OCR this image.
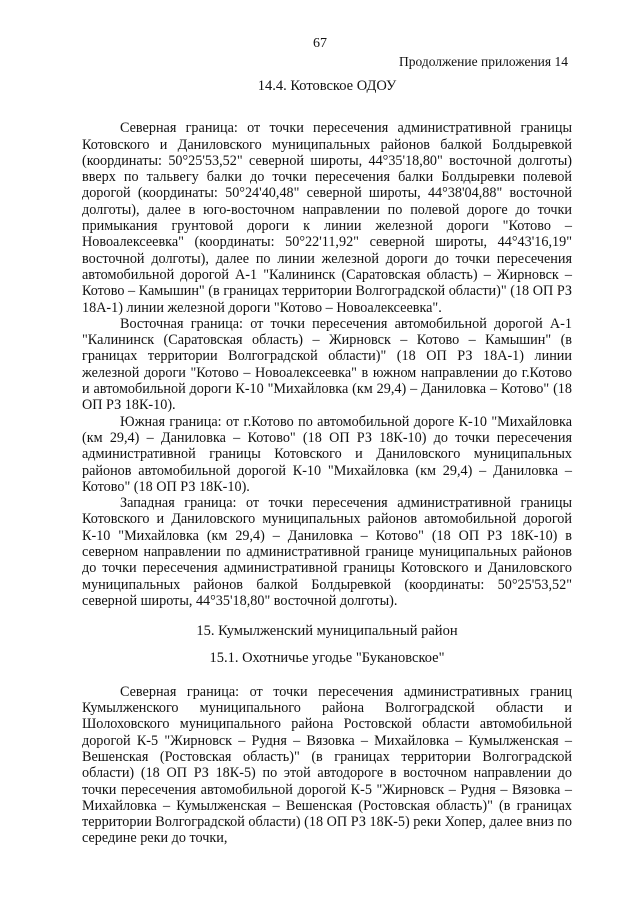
67
Продолжение приложения 14
14.4. Котовское ОДОУ

Северная граница: от точки пересечения административной границы Котовского и Даниловского муниципальных районов балкой Болдыревкой (координаты: 50°25'53,52" северной широты, 44°35'18,80" восточной долготы) вверх по тальвегу балки до точки пересечения балки Болдыревки полевой дорогой (координаты: 50°24'40,48" северной широты, 44°38'04,88" восточной долготы), далее в юго-восточном направлении по полевой дороге до точки примыкания грунтовой дороги к линии железной дороги "Котово – Новоалексеевка" (координаты: 50°22'11,92" северной широты, 44°43'16,19" восточной долготы), далее по линии железной дороги до точки пересечения автомобильной дорогой А-1 "Калининск (Саратовская область) – Жирновск – Котово – Камышин" (в границах территории Волгоградской области)" (18 ОП РЗ 18А-1) линии железной дороги "Котово – Новоалексеевка".

Восточная граница: от точки пересечения автомобильной дорогой А-1 "Калининск (Саратовская область) – Жирновск – Котово – Камышин" (в границах территории Волгоградской области)" (18 ОП РЗ 18А-1) линии железной дороги "Котово – Новоалексеевка" в южном направлении до г.Котово и автомобильной дороги К-10 "Михайловка (км 29,4) – Даниловка – Котово" (18 ОП РЗ 18К-10).

Южная граница: от г.Котово по автомобильной дороге К-10 "Михайловка (км 29,4) – Даниловка – Котово" (18 ОП РЗ 18К-10) до точки пересечения административной границы Котовского и Даниловского муниципальных районов автомобильной дорогой К-10 "Михайловка (км 29,4) – Даниловка – Котово" (18 ОП РЗ 18К-10).

Западная граница: от точки пересечения административной границы Котовского и Даниловского муниципальных районов автомобильной дорогой К-10 "Михайловка (км 29,4) – Даниловка – Котово" (18 ОП РЗ 18К-10) в северном направлении по административной границе муниципальных районов до точки пересечения административной границы Котовского и Даниловского муниципальных районов балкой Болдыревкой (координаты: 50°25'53,52" северной широты, 44°35'18,80" восточной долготы).

15. Кумылженский муниципальный район
15.1. Охотничье угодье "Букановское"

Северная граница: от точки пересечения административных границ Кумылженского муниципального района Волгоградской области и Шолоховского муниципального района Ростовской области автомобильной дорогой К-5 "Жирновск – Рудня – Вязовка – Михайловка – Кумылженская – Вешенская (Ростовская область)" (в границах территории Волгоградской области) (18 ОП РЗ 18К-5) по этой автодороге в восточном направлении до точки пересечения автомобильной дорогой К-5 "Жирновск – Рудня – Вязовка – Михайловка – Кумылженская – Вешенская (Ростовская область)" (в границах территории Волгоградской области) (18 ОП РЗ 18К-5) реки Хопер, далее вниз по середине реки до точки,
